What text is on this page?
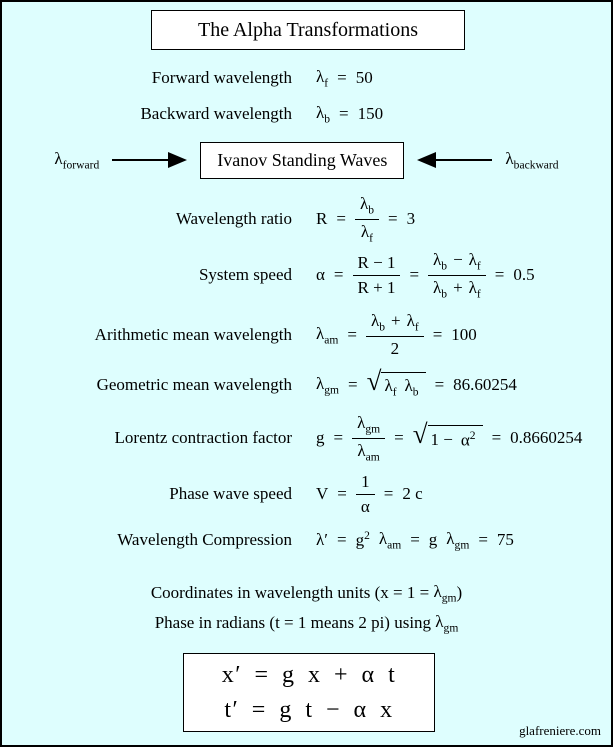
The Alpha Transformations
Forward wavelength $\lambda_f = 50$
Backward wavelength $\lambda_b = 150$
$\lambda_{forward}$	Ivanov Standing Waves	$\lambda_{backward}$
Wavelength ratio $R = \frac{\lambda_b}{\lambda_f} = 3$
System speed $\alpha = \frac{R - 1}{R + 1} = \frac{\lambda_b - \lambda_f}{\lambda_b + \lambda_f} = 0.5$
Arithmetic mean wavelength $\lambda_{am} = \frac{\lambda_b + \lambda_f}{2} = 100$
Geometric mean wavelength $\lambda_{gm}$ = √ $\lambda_f$ $\lambda_b = 86.60254$
Lorentz contraction factor $g = \frac{\lambda_{gm}}{\lambda_{am}}$ = √ $1 - \alpha^2 = 0.8660254$
Phase wave speed $V = \frac{1}{\alpha} = 2$ c
Wavelength Compression $\lambda' = g^2$ $\lambda_{am} = g$ $\lambda_{gm} = 75$
Coordinates in wavelength units ($x = 1 = \lambda_{gm}$ )
Phase in radians (t = 1 means 2 pi) using $\lambda_{gm}$
x′ = g x + α t
t′ = g t − α x
glafreniere.com
